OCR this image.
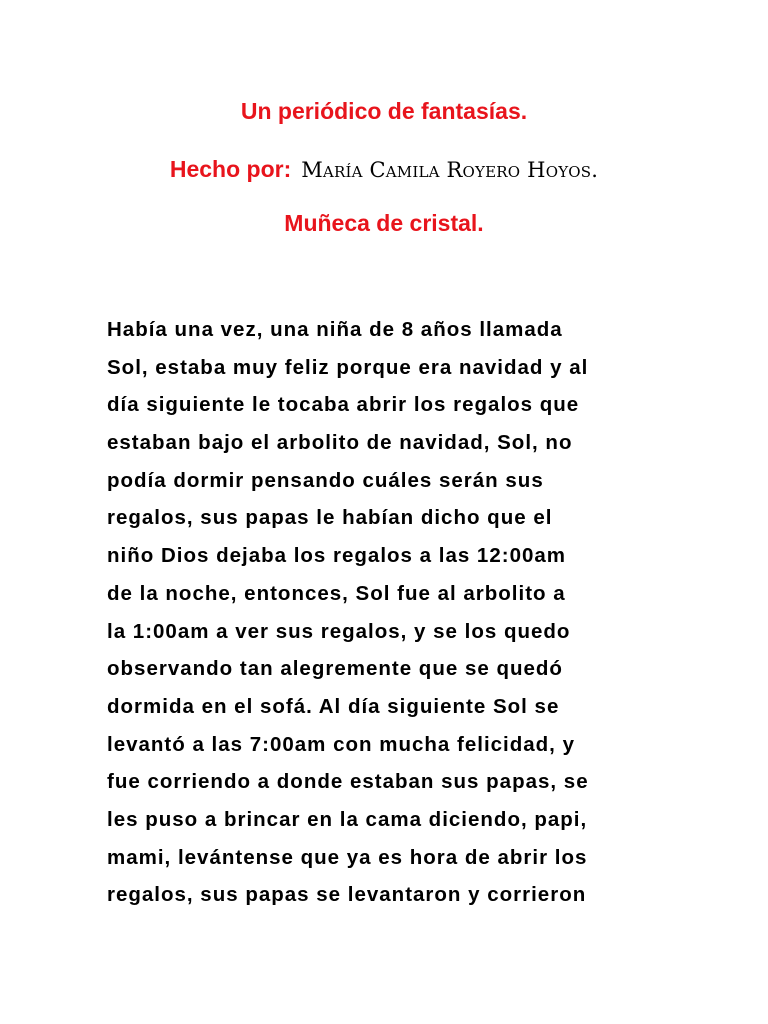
Un periódico de fantasías.
Hecho por: María Camila Royero Hoyos.
Muñeca de cristal.
Había una vez, una niña de 8 años llamada
Sol, estaba muy feliz porque era navidad y al
día siguiente le tocaba abrir los regalos que
estaban bajo el arbolito de navidad, Sol, no
podía dormir pensando cuáles serán sus
regalos, sus papas le habían dicho que el
niño Dios dejaba los regalos a las 12:00am
de la noche, entonces, Sol fue al arbolito a
la 1:00am a ver sus regalos, y se los quedo
observando tan alegremente que se quedó
dormida en el sofá. Al día siguiente Sol se
levantó a las 7:00am con mucha felicidad, y
fue corriendo a donde estaban sus papas, se
les puso a brincar en la cama diciendo, papi,
mami, levántense que ya es hora de abrir los
regalos, sus papas se levantaron y corrieron
